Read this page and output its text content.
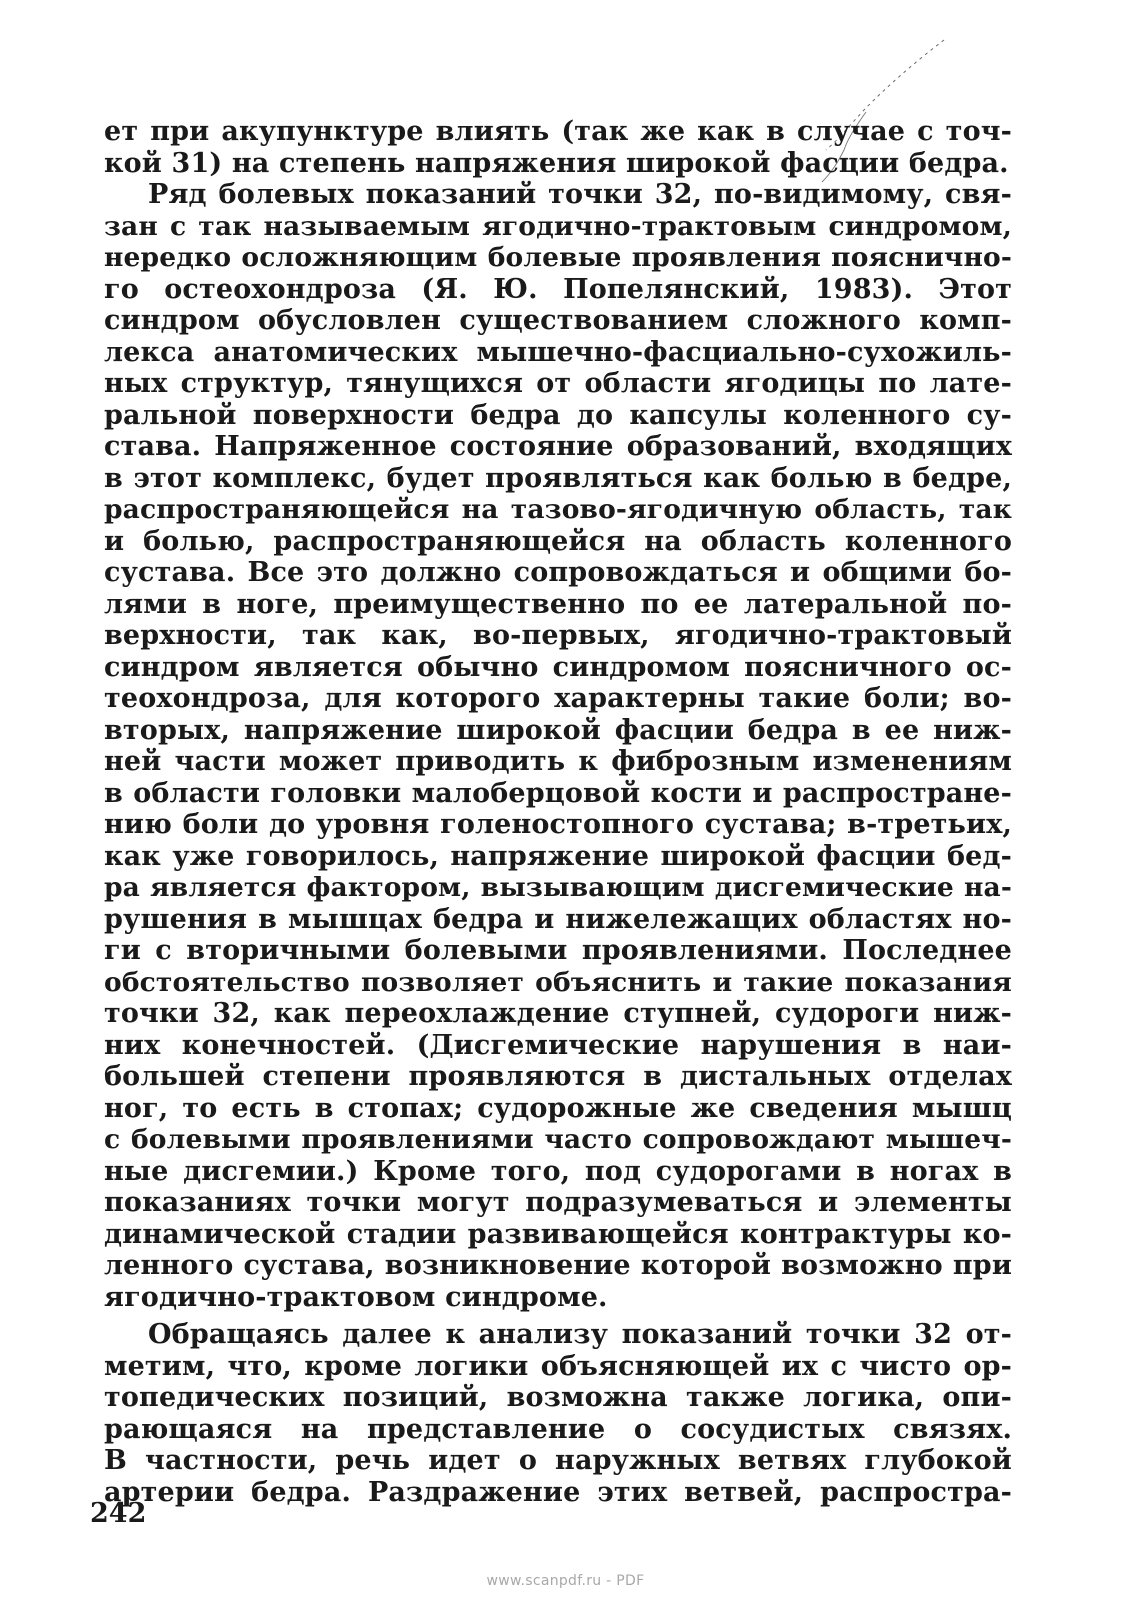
ет при акупунктуре влиять (так же как в случае с точ-
кой 31) на степень напряжения широкой фасции бедра.
Ряд болевых показаний точки 32, по-видимому, свя-
зан с так называемым ягодично-трактовым синдромом,
нередко осложняющим болевые проявления пояснично-
го остеохондроза (Я. Ю. Попелянский, 1983). Этот
синдром обусловлен существованием сложного комп-
лекса анатомических мышечно-фасциально-сухожиль-
ных структур, тянущихся от области ягодицы по лате-
ральной поверхности бедра до капсулы коленного су-
става. Напряженное состояние образований, входящих
в этот комплекс, будет проявляться как болью в бедре,
распространяющейся на тазово-ягодичную область, так
и болью, распространяющейся на область коленного
сустава. Все это должно сопровождаться и общими бо-
лями в ноге, преимущественно по ее латеральной по-
верхности, так как, во-первых, ягодично-трактовый
синдром является обычно синдромом поясничного ос-
теохондроза, для которого характерны такие боли; во-
вторых, напряжение широкой фасции бедра в ее ниж-
ней части может приводить к фиброзным изменениям
в области головки малоберцовой кости и распростране-
нию боли до уровня голеностопного сустава; в-третьих,
как уже говорилось, напряжение широкой фасции бед-
ра является фактором, вызывающим дисгемические на-
рушения в мышцах бедра и нижележащих областях но-
ги с вторичными болевыми проявлениями. Последнее
обстоятельство позволяет объяснить и такие показания
точки 32, как переохлаждение ступней, судороги ниж-
них конечностей. (Дисгемические нарушения в наи-
большей степени проявляются в дистальных отделах
ног, то есть в стопах; судорожные же сведения мышц
с болевыми проявлениями часто сопровождают мышеч-
ные дисгемии.) Кроме того, под судорогами в ногах в
показаниях точки могут подразумеваться и элементы
динамической стадии развивающейся контрактуры ко-
ленного сустава, возникновение которой возможно при
ягодично-трактовом синдроме.
Обращаясь далее к анализу показаний точки 32 от-
метим, что, кроме логики объясняющей их с чисто ор-
топедических позиций, возможна также логика, опи-
рающаяся на представление о сосудистых связях.
В частности, речь идет о наружных ветвях глубокой
артерии бедра. Раздражение этих ветвей, распростра-
242
www.scanpdf.ru - PDF
